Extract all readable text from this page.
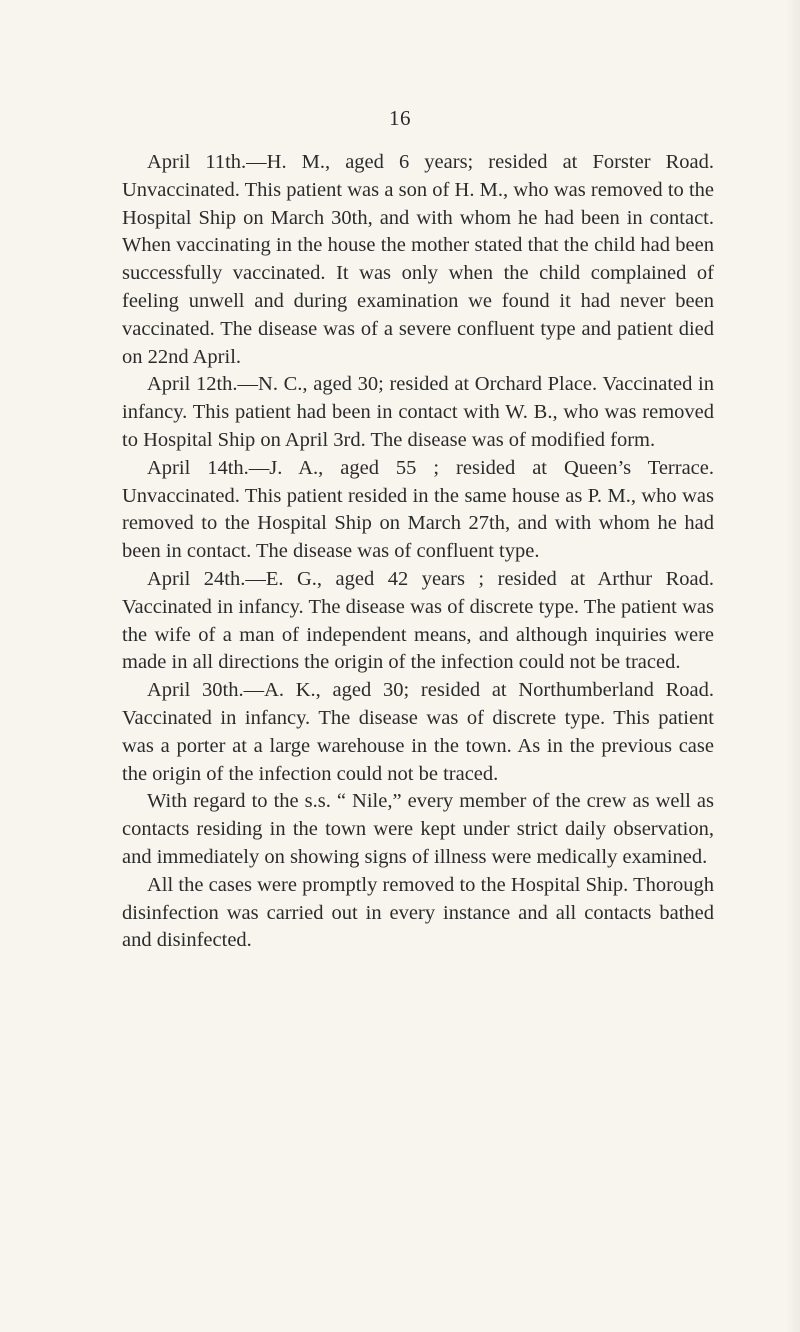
16

April 11th.—H. M., aged 6 years; resided at Forster Road. Unvaccinated. This patient was a son of H. M., who was removed to the Hospital Ship on March 30th, and with whom he had been in contact. When vaccinating in the house the mother stated that the child had been successfully vaccinated. It was only when the child complained of feeling unwell and during examination we found it had never been vaccinated. The disease was of a severe confluent type and patient died on 22nd April.

April 12th.—N. C., aged 30; resided at Orchard Place. Vaccinated in infancy. This patient had been in contact with W. B., who was removed to Hospital Ship on April 3rd. The disease was of modified form.

April 14th.—J. A., aged 55 ; resided at Queen’s Terrace. Unvaccinated. This patient resided in the same house as P. M., who was removed to the Hospital Ship on March 27th, and with whom he had been in contact. The disease was of confluent type.

April 24th.—E. G., aged 42 years ; resided at Arthur Road. Vaccinated in infancy. The disease was of discrete type. The patient was the wife of a man of independent means, and although inquiries were made in all directions the origin of the infection could not be traced.

April 30th.—A. K., aged 30; resided at Northumberland Road. Vaccinated in infancy. The disease was of discrete type. This patient was a porter at a large warehouse in the town. As in the previous case the origin of the infection could not be traced.

With regard to the s.s. “ Nile,” every member of the crew as well as contacts residing in the town were kept under strict daily observation, and immediately on showing signs of illness were medically examined.

All the cases were promptly removed to the Hospital Ship. Thorough disinfection was carried out in every instance and all contacts bathed and disinfected.
